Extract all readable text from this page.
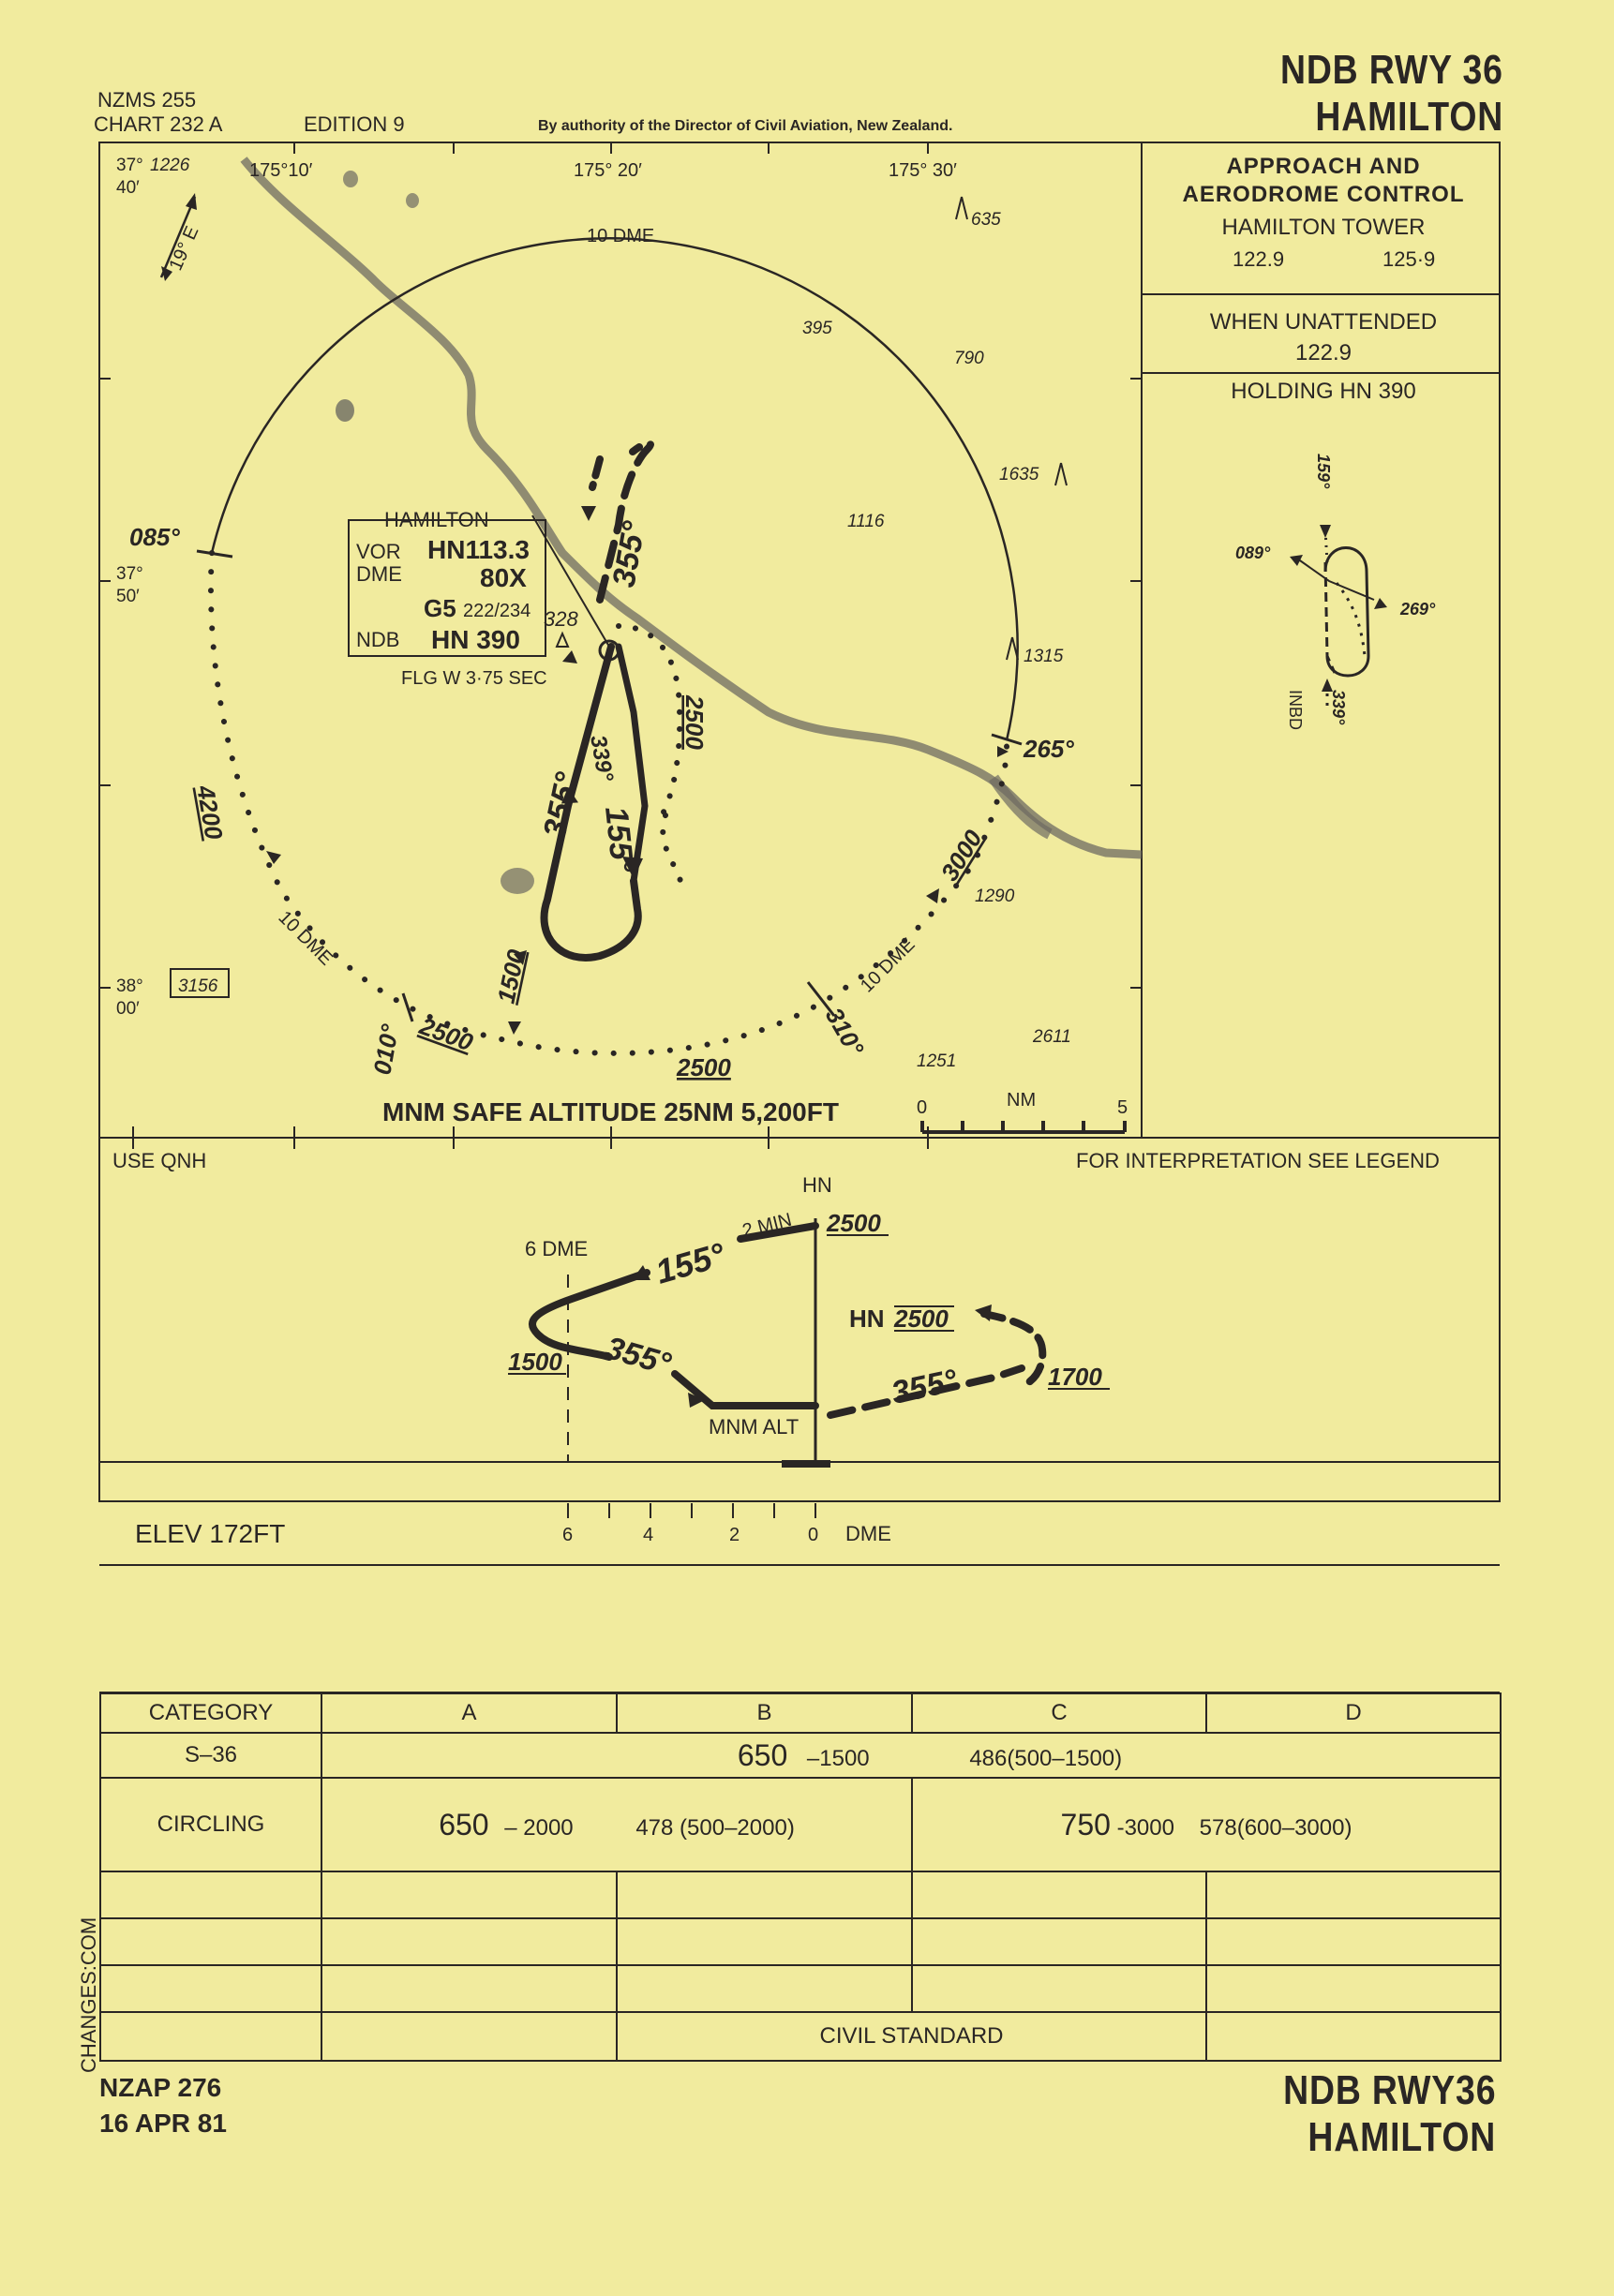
NZMS 255
CHART 232 A	EDITION 9	By authority of the Director of Civil Aviation, New Zealand.
NDB RWY 36
HAMILTON
APPROACH AND
AERODROME CONTROL
HAMILTON TOWER
122.9	125·9
WHEN UNATTENDED
122.9
HOLDING HN 390
37°
40′
37°
50′
38°
00′
175°10′	175° 20′	175° 30′
19° E	10 DME
10 DME	10 DME
085°
265°
010°	310°
4200
2500
2500
2500
3000
1500
355°
355°
155°
339°
1226
635
395
790
1635
1116
1315
1290
2611
1251
328
3156
HAMILTON
VOR HN113.3
DME	80X
G5 222/234
NDB HN 390
FLG W 3·75 SEC
MNM SAFE ALTITUDE 25NM 5,200FT	0	NM	5
159°
089°
269°
339°
INBD
USE QNH	FOR INTERPRETATION SEE LEGEND
HN
2500
2 MIN
155°
6 DME
1500 355°
HN 2500
355°	1700
MNM ALT
ELEV 172FT	6	4	2	0 DME
CHANGES:COM
CATEGORY	A	B	C	D
S–36	650 –1500 486(500–1500)			
CIRCLING	650 – 2000 478 (500–2000)		750 -3000 578(600–3000)	

		CIVIL STANDARD		
NZAP 276
16 APR 81
NDB RWY36
HAMILTON
